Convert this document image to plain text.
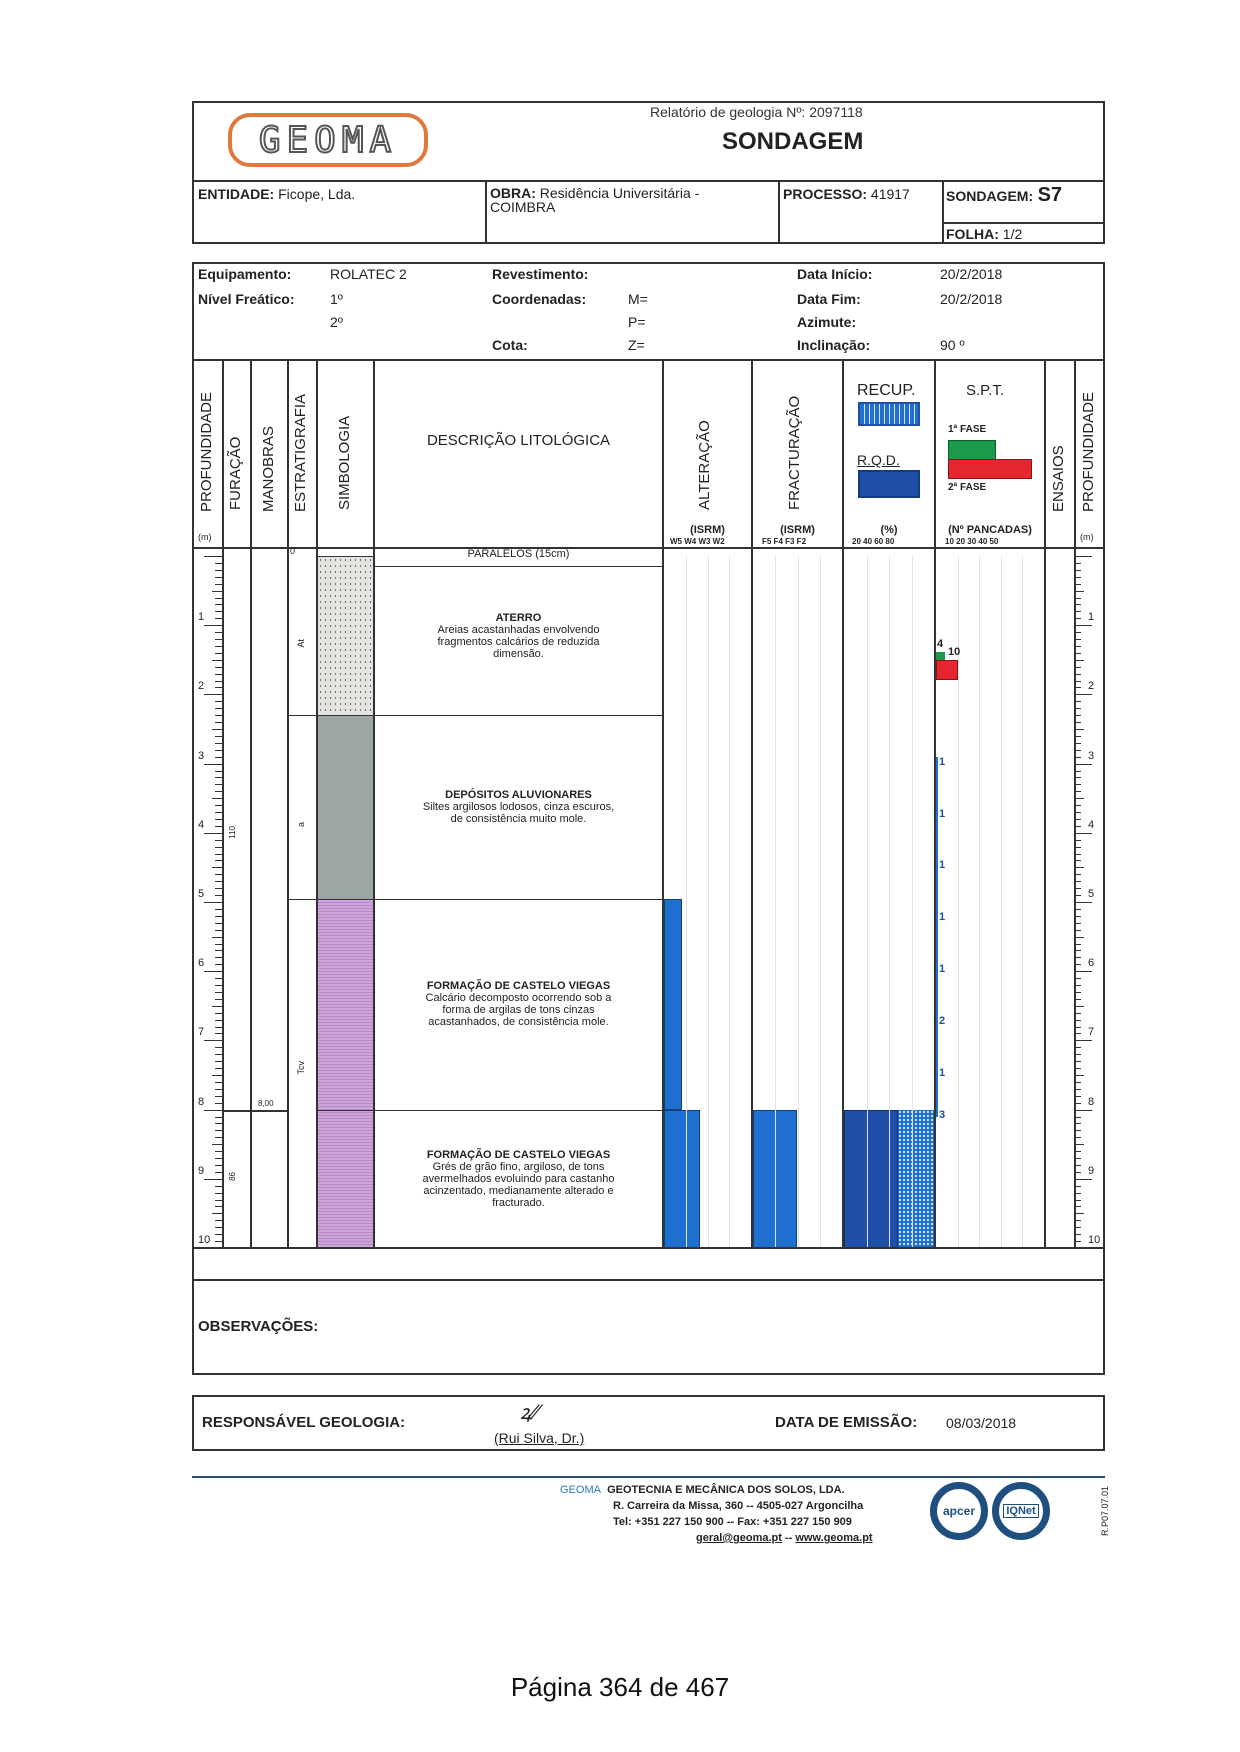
GEOMA
Relatório de geologia Nº: 2097118
SONDAGEM
ENTIDADE: Ficope, Lda.	OBRA: Residência Universitária -
COIMBRA
PROCESSO: 41917	SONDAGEM: S7
FOLHA: 1/2
Equipamento:	ROLATEC 2
Nível Freático:	1º
2º
Revestimento:
Coordenadas:	M=
P=
Cota:	Z=
Data Início:	20/2/2018
Data Fim:	20/2/2018
Azimute:
Inclinação:	90 º
PROFUNDIDADE
(m)
FURAÇÃO MANOBRAS ESTRATIGRAFIA SIMBOLOGIA	DESCRIÇÃO LITOLÓGICA	ALTERAÇÃO
(ISRM)
W5 W4 W3 W2
FRACTURAÇÃO
(ISRM)
F5 F4 F3 F2
RECUP.
R.Q.D.
(%)
20 40 60 80
S.P.T.
1ª FASE
2ª FASE
(Nº PANCADAS)
10 20 30 40 50
ENSAIOS PROFUNDIDADE
(m)
0
1	1
2	2
3	3
4	4
5	5
6	6
7	7
8	8
9	9
10	10
110
86
8,00
At
a
Tcv
PARALELOS (15cm)
ATERRO
Areias acastanhadas envolvendo
fragmentos calcários de reduzida
dimensão.
DEPÓSITOS ALUVIONARES
Siltes argilosos lodosos, cinza escuros,
de consistência muito mole.
FORMAÇÃO DE CASTELO VIEGAS
Calcário decomposto ocorrendo sob a
forma de argilas de tons cinzas
acastanhados, de consistência mole.
FORMAÇÃO DE CASTELO VIEGAS
Grés de grão fino, argiloso, de tons
avermelhados evoluindo para castanho
acinzentado, medianamente alterado e
fracturado.
4
10
1
1
1
1
1
2
1
3
OBSERVAÇÕES:
RESPONSÁVEL GEOLOGIA:	ꝝ⁄⁄
(Rui Silva, Dr.)
DATA DE EMISSÃO: 08/03/2018
GEOMA GEOTECNIA E MECÂNICA DOS SOLOS, LDA.
R. Carreira da Missa, 360 -- 4505-027 Argoncilha
Tel: +351 227 150 900 -- Fax: +351 227 150 909
geral@geoma.pt -- www.geoma.pt
apcer	IQNet	R.P07.07.01
Página 364 de 467
